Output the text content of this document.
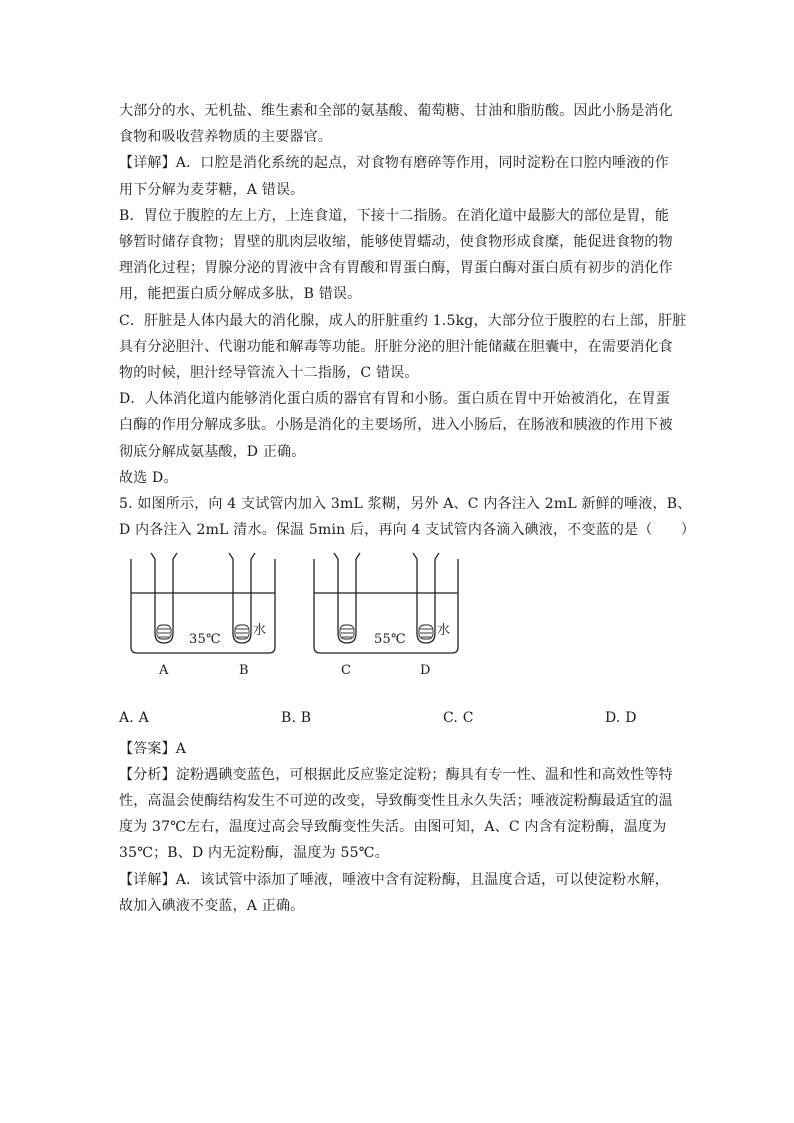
大部分的水、无机盐、维生素和全部的氨基酸、葡萄糖、甘油和脂肪酸。因此小肠是消化
食物和吸收营养物质的主要器官。
【详解】A．口腔是消化系统的起点，对食物有磨碎等作用，同时淀粉在口腔内唾液的作
用下分解为麦芽糖，A 错误。
B．胃位于腹腔的左上方，上连食道，下接十二指肠。在消化道中最膨大的部位是胃，能
够暂时储存食物；胃壁的肌肉层收缩，能够使胃蠕动，使食物形成食糜，能促进食物的物
理消化过程；胃腺分泌的胃液中含有胃酸和胃蛋白酶，胃蛋白酶对蛋白质有初步的消化作
用，能把蛋白质分解成多肽，B 错误。
C．肝脏是人体内最大的消化腺，成人的肝脏重约 1.5kg，大部分位于腹腔的右上部，肝脏
具有分泌胆汁、代谢功能和解毒等功能。肝脏分泌的胆汁能储藏在胆囊中，在需要消化食
物的时候，胆汁经导管流入十二指肠，C 错误。
D．人体消化道内能够消化蛋白质的器官有胃和小肠。蛋白质在胃中开始被消化，在胃蛋
白酶的作用分解成多肽。小肠是消化的主要场所，进入小肠后，在肠液和胰液的作用下被
彻底分解成氨基酸，D 正确。
故选 D。
5. 如图所示，向 4 支试管内加入 3mL 浆糊，另外 A、C 内各注入 2mL 新鲜的唾液，B、
D 内各注入 2mL 清水。保温 5min 后，再向 4 支试管内各滴入碘液，不变蓝的是（　　）
35℃
水
55℃
水
A	B	C	D
A. A	B. B	C. C	D. D
【答案】A
【分析】淀粉遇碘变蓝色，可根据此反应鉴定淀粉；酶具有专一性、温和性和高效性等特
性，高温会使酶结构发生不可逆的改变，导致酶变性且永久失活；唾液淀粉酶最适宜的温
度为 37℃左右，温度过高会导致酶变性失活。由图可知，A、C 内含有淀粉酶，温度为
35℃；B、D 内无淀粉酶，温度为 55℃。
【详解】A．该试管中添加了唾液，唾液中含有淀粉酶，且温度合适，可以使淀粉水解，
故加入碘液不变蓝，A 正确。
